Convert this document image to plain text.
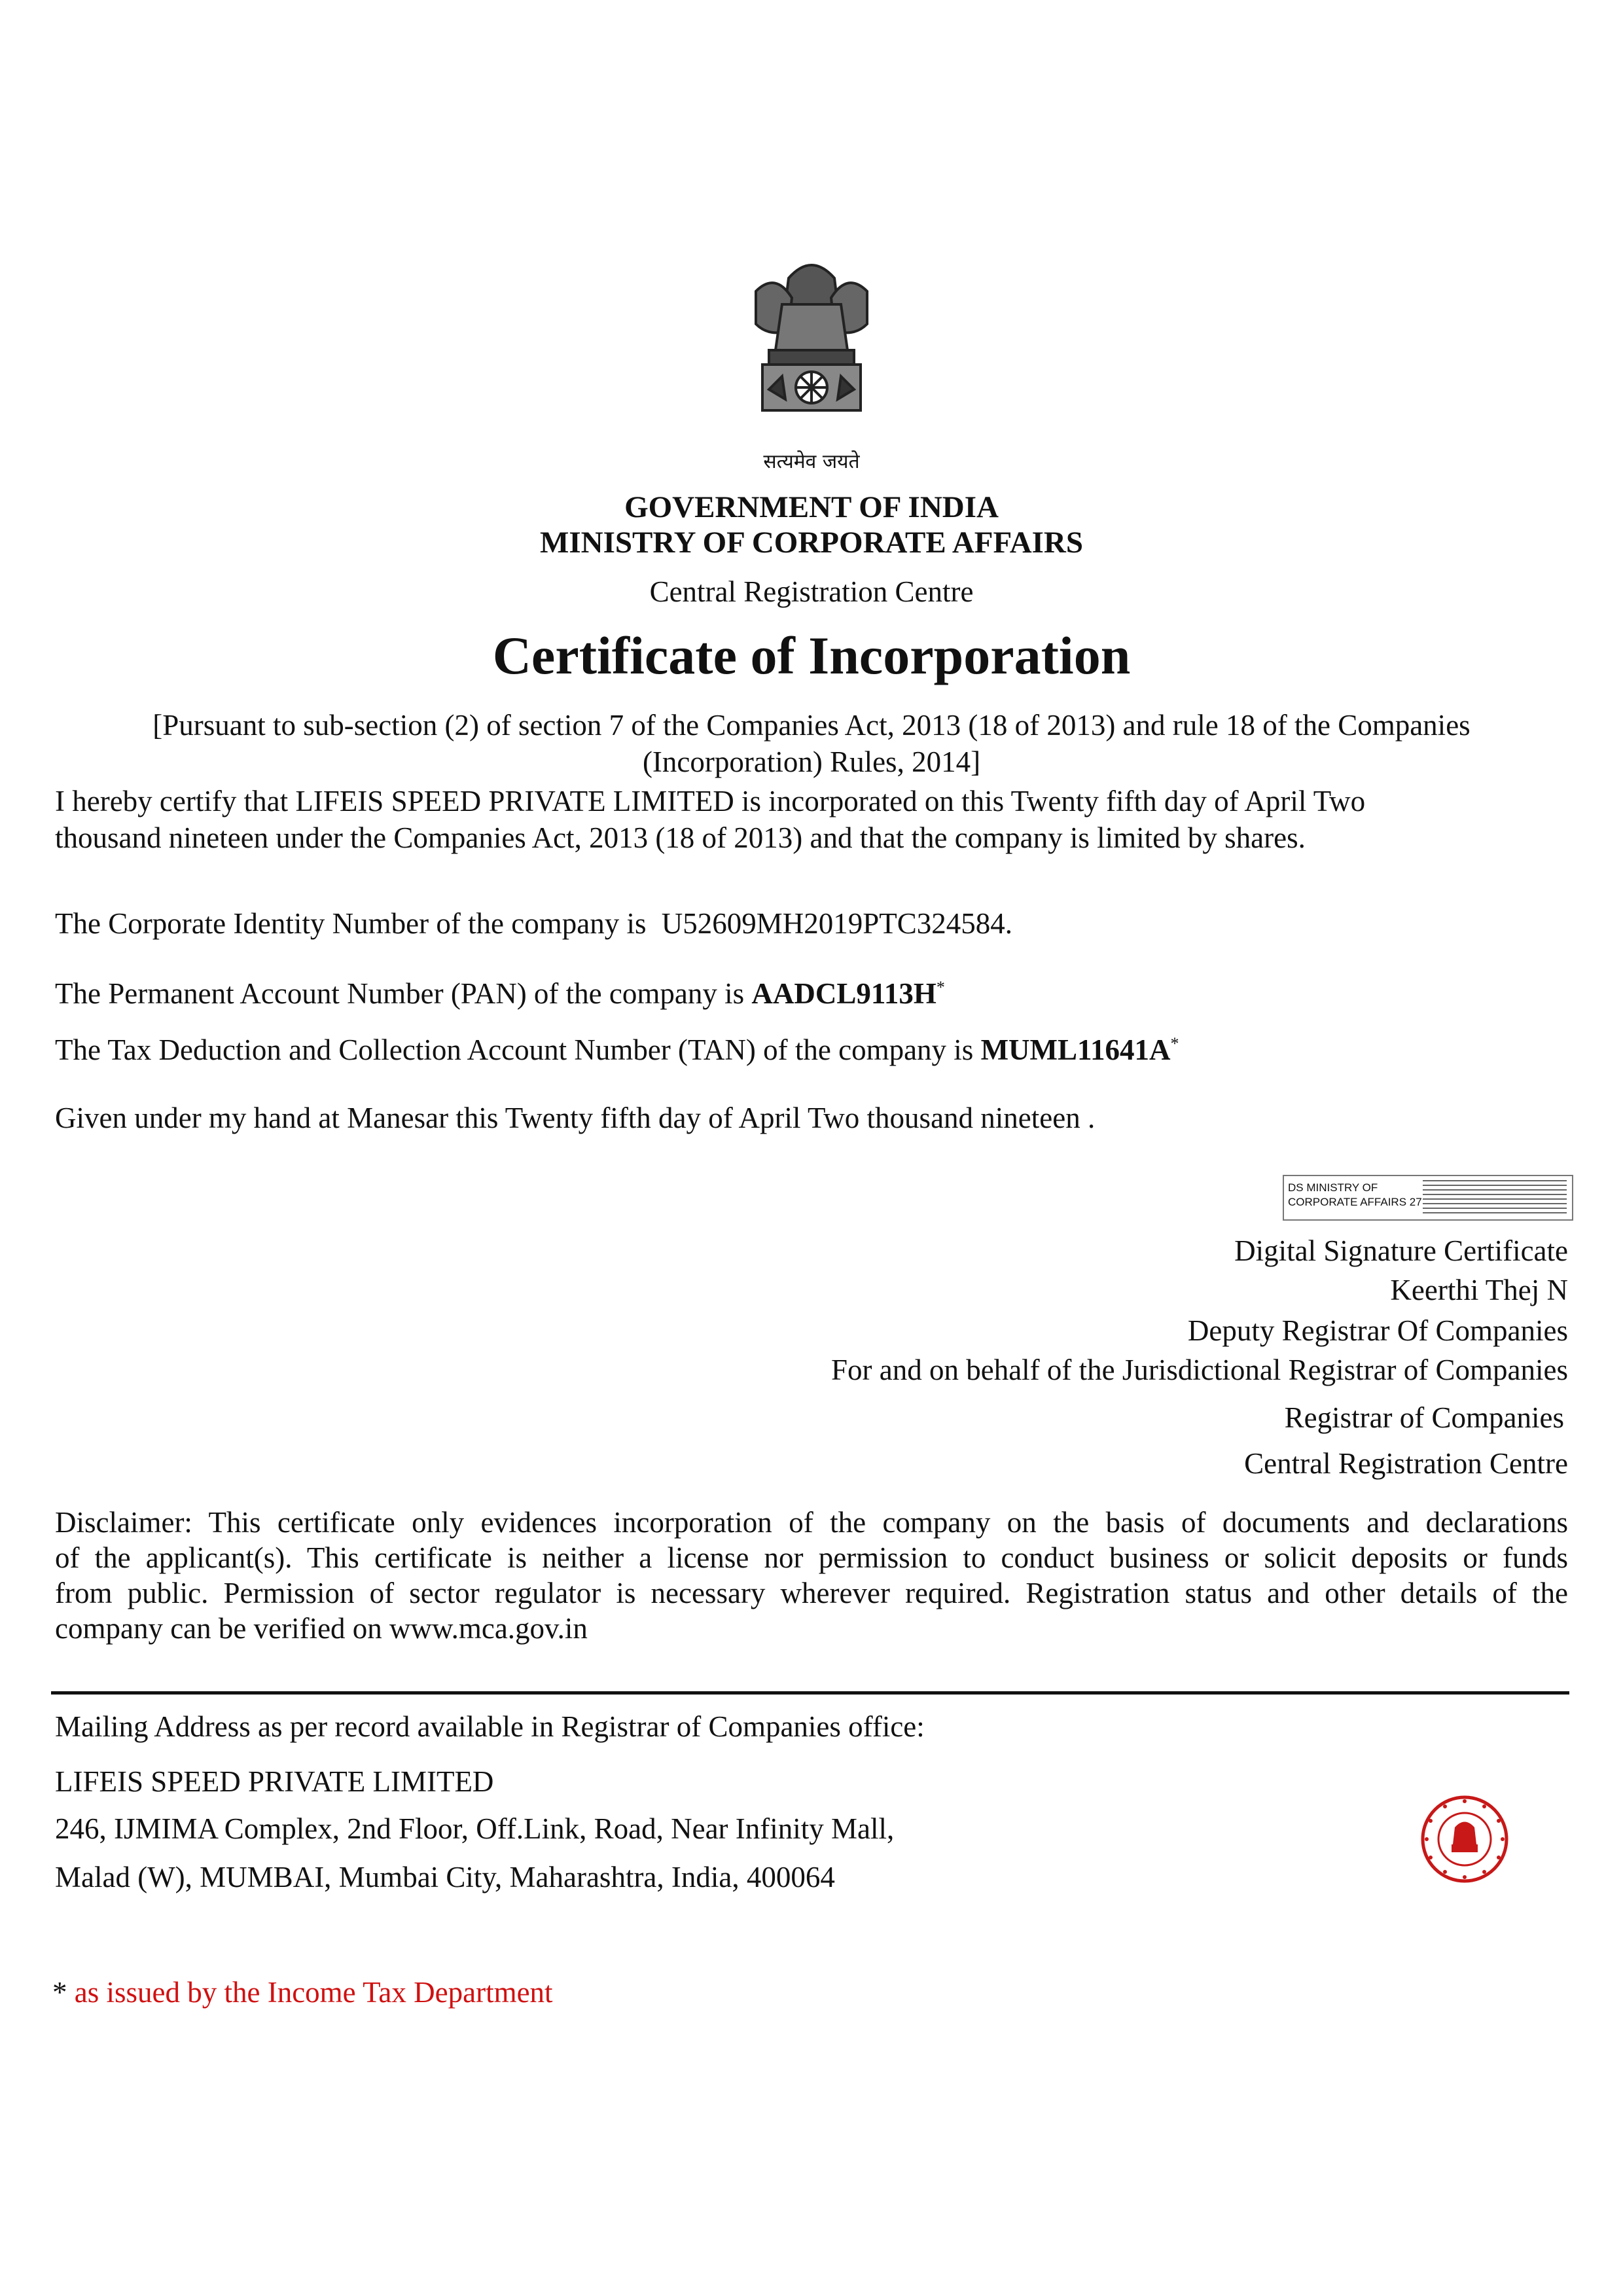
सत्यमेव जयते
GOVERNMENT OF INDIA
MINISTRY OF CORPORATE AFFAIRS
Central Registration Centre
Certificate of Incorporation
[Pursuant to sub-section (2) of section 7 of the Companies Act, 2013 (18 of 2013) and rule 18 of the Companies
(Incorporation) Rules, 2014]
I hereby certify that LIFEIS SPEED PRIVATE LIMITED is incorporated on this Twenty fifth day of April Two
thousand nineteen under the Companies Act, 2013 (18 of 2013) and that the company is limited by shares.
The Corporate Identity Number of the company is U52609MH2019PTC324584.
The Permanent Account Number (PAN) of the company is AADCL9113H*
The Tax Deduction and Collection Account Number (TAN) of the company is MUML11641A*
Given under my hand at Manesar this Twenty fifth day of April Two thousand nineteen .
DS MINISTRY OF
CORPORATE AFFAIRS 27
Digital Signature Certificate
Keerthi Thej N
Deputy Registrar Of Companies
For and on behalf of the Jurisdictional Registrar of Companies
Registrar of Companies
Central Registration Centre
Disclaimer: This certificate only evidences incorporation of the company on the basis of documents and declarations
of the applicant(s). This certificate is neither a license nor permission to conduct business or solicit deposits or funds
from public. Permission of sector regulator is necessary wherever required. Registration status and other details of the
company can be verified on www.mca.gov.in
Mailing Address as per record available in Registrar of Companies office:
LIFEIS SPEED PRIVATE LIMITED
246, IJMIMA Complex, 2nd Floor, Off.Link, Road, Near Infinity Mall,
Malad (W), MUMBAI, Mumbai City, Maharashtra, India, 400064
* as issued by the Income Tax Department
